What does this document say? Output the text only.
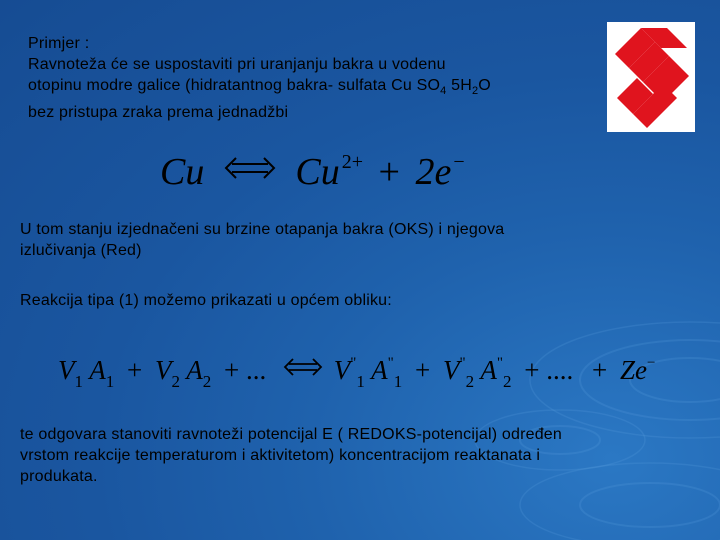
Primjer :
Ravnoteža će se uspostaviti pri uranjanju bakra u vodenu
otopinu modre galice (hidratantnog bakra- sulfata Cu $SO_4$ $5H_2O$
bez pristupa zraka prema jednadžbi
Cu Cu $^{2+}$ + 2e −
U tom stanju izjednačeni su brzine otapanja bakra (OKS) i njegova
izlučivanja (Red)
Reakcija tipa (1) možemo prikazati u općem obliku:
$V_1$ $A_1 + V_2$ $A_2$ + ...	$V^"_1$ $A^"_1 + V^"_2$ $A^"_2$ + .... + Ze−
te odgovara stanoviti ravnoteži potencijal E ( REDOKS-potencijal) određen
vrstom reakcije temperaturom i aktivitetom) koncentracijom reaktanata i
produkata.
